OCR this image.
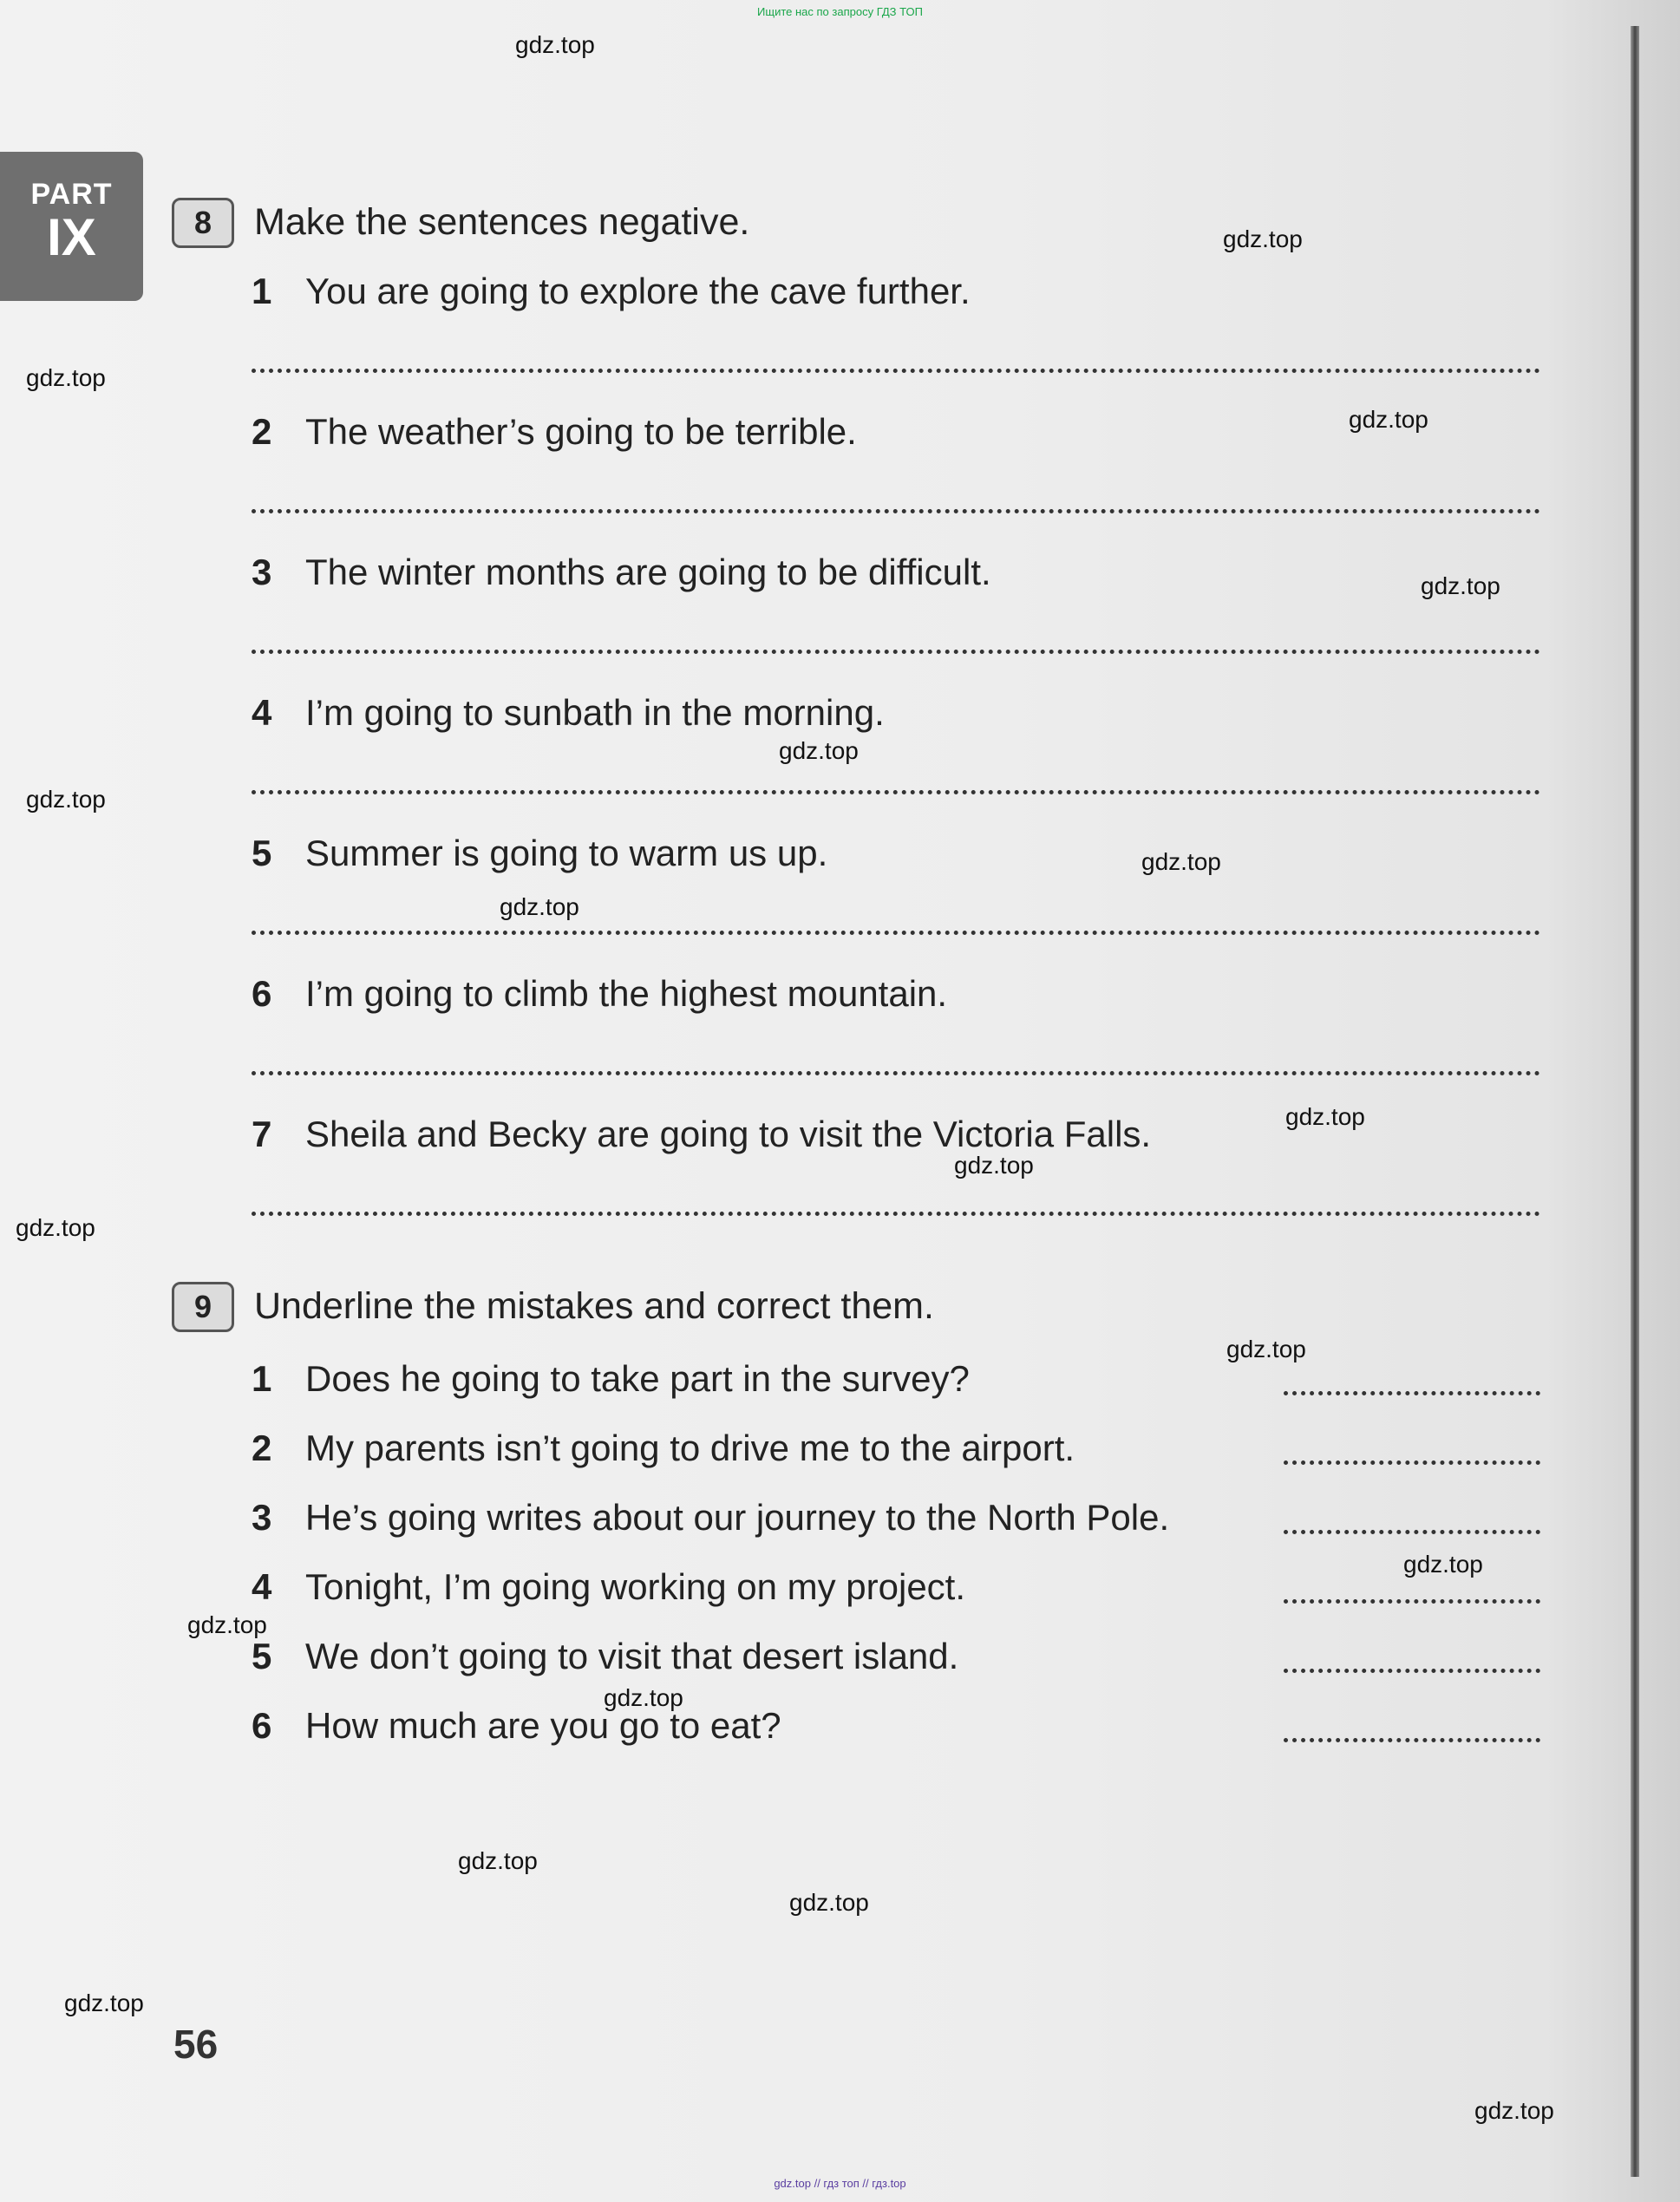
Ищите нас по запросу ГДЗ ТОП
PART
IX	8	Make the sentences negative.
1 You are going to explore the cave further.
2 The weather’s going to be terrible.
3 The winter months are going to be difficult.
4 I’m going to sunbath in the morning.
5 Summer is going to warm us up.
6 I’m going to climb the highest mountain.
7 Sheila and Becky are going to visit the Victoria Falls.
9	Underline the mistakes and correct them.
1 Does he going to take part in the survey?
2 My parents isn’t going to drive me to the airport.
3 He’s going writes about our journey to the North Pole.
4 Tonight, I’m going working on my project.
5 We don’t going to visit that desert island.
6 How much are you go to eat?
gdz.top
gdz.top
gdz.top
gdz.top
gdz.top
gdz.top
gdz.top
gdz.top
gdz.top
gdz.top
gdz.top
gdz.top
gdz.top
gdz.top
gdz.top
gdz.top
gdz.top
gdz.top
gdz.top
gdz.top
56
gdz.top // гдз топ // гдз.top
